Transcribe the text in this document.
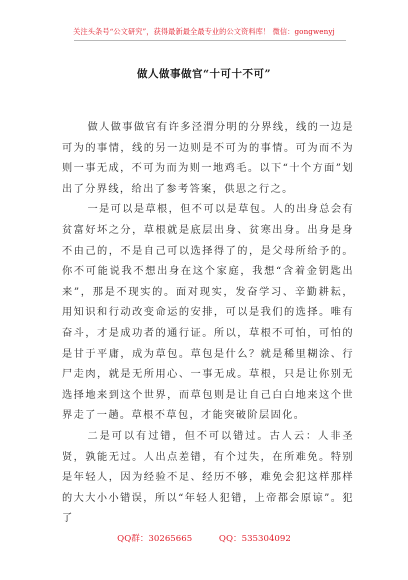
关注头条号“公文研究”，获得最新最全最专业的公文资料库！ 微信：gongwenyj
做人做事做官“十可十不可”

做人做事做官有许多泾渭分明的分界线，线的一边是可为的事情，线的另一边则是不可为的事情。可为而不为则一事无成，不可为而为则一地鸡毛。以下“十个方面”划出了分界线，给出了参考答案，供思之行之。

一是可以是草根，但不可以是草包。人的出身总会有贫富好坏之分，草根就是底层出身、贫寒出身。出身是身不由己的，不是自己可以选择得了的，是父母所给予的。你不可能说我不想出身在这个家庭，我想“含着金钥匙出来”，那是不现实的。面对现实，发奋学习、辛勤耕耘，用知识和行动改变命运的安排，可以是我们的选择。唯有奋斗，才是成功者的通行证。所以，草根不可怕，可怕的是甘于平庸，成为草包。草包是什么？就是稀里糊涂、行尸走肉，就是无所用心、一事无成。草根，只是让你别无选择地来到这个世界，而草包则是让自己白白地来这个世界走了一趟。草根不草包，才能突破阶层固化。

二是可以有过错，但不可以错过。古人云：人非圣贤，孰能无过。人出点差错，有个过失，在所难免。特别是年轻人，因为经验不足、经历不够，难免会犯这样那样的大大小小错误，所以“年轻人犯错，上帝都会原谅”。犯了

QQ群：30265665	QQ：535304092
